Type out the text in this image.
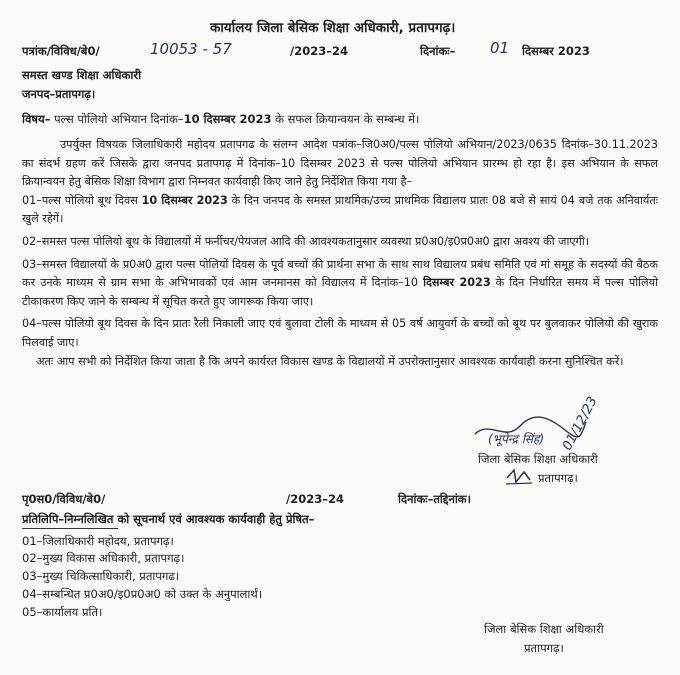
कार्यालय जिला बेसिक शिक्षा अधिकारी, प्रतापगढ़।
पत्रांक/विविध/बे0/	10053 - 57	/2023–24	दिनांकः– 01 दिसम्बर 2023
समस्त खण्ड शिक्षा अधिकारी
जनपद–प्रतापगढ़।
विषय– पल्स पोलियो अभियान दिनांक–10 दिसम्बर 2023 के सफल क्रियान्वयन के सम्बन्ध में।

उपर्युक्त विषयक जिलाधिकारी महोदय प्रतापगढ के संलग्न आदेश पत्रांक–जि0अ0/पल्स पोलियो अभियान/2023/0635 दिनांक–30.11.2023 का संदर्भ ग्रहण करें जिसके द्वारा जनपद प्रतापगढ़ में दिनांक–10 दिसम्बर 2023 से पल्स पोलियो अभियान प्रारम्भ हो रहा है। इस अभियान के सफल क्रियान्वयन हेतु बेसिक शिक्षा विभाग द्वारा निम्नवत कार्यवाही किए जाने हेतु निर्देशित किया गया है–

01–पल्स पोलियो बूथ दिवस 10 दिसम्बर 2023 के दिन जनपद के समस्त प्राथमिक/उच्च प्राथमिक विद्यालय प्रातः 08 बजे से सायं 04 बजे तक अनिवार्यतः खुले रहेगें।

02–समस्त पल्स पोलियो बूथ के विद्यालयों में फर्नीचर/पेयजल आदि की आवश्यकतानुसार व्यवस्था प्र0अ0/इ0प्र0अ0 द्वारा अवश्य की जाएगी।

03–समस्त विद्यालयों के प्र0अ0 द्वारा पल्स पोलियों दिवस के पूर्व बच्चों की प्रार्थना सभा के साथ साथ विद्यालय प्रबंध समिति एवं मां समूह के सदस्यों की बैठक कर उनके माध्यम से ग्राम सभा के अभिभावकों एवं आम जनमानस को विद्यालय में दिनांक–10 दिसम्बर 2023 के दिन निर्धारित समय में पल्स पोलियो टीकाकरण किए जाने के सम्बन्ध में सूचित करते हुए जागरूक किया जाए।

04–पल्स पोलियो बूथ दिवस के दिन प्रातः रैली निकाली जाए एवं बुलावा टोली के माध्यम से 05 वर्ष आयुवर्ग के बच्चों को बूथ पर बुलवाकर पोलियो की खुराक पिलवाई जाए।

अतः आप सभी को निर्देशित किया जाता है कि अपने कार्यरत विकास खण्ड के विद्यालयों में उपरोक्तानुसार आवश्यक कार्यवाही करना सुनिश्चित करें।

(भूपेन्द्र सिंह) 01/12/23
जिला बेसिक शिक्षा अधिकारी
प्रतापगढ़।
पृ0स0/विविध/बे0/	/2023–24	दिनांकः–तद्दिनांक।
प्रतिलिपि–निम्नलिखित को सूचनार्थ एवं आवश्यक कार्यवाही हेतु प्रेषित–
01–जिलाधिकारी महोदय, प्रतापगढ़।
02–मुख्य विकास अधिकारी, प्रतापगढ़।
03–मुख्य चिकित्साधिकारी, प्रतापगढ।
04–सम्बन्धित प्र0अ0/इ0प्र0अ0 को उक्त के अनुपालार्थ।
05–कार्यालय प्रति।
जिला बेसिक शिक्षा अधिकारी
प्रतापगढ़।
